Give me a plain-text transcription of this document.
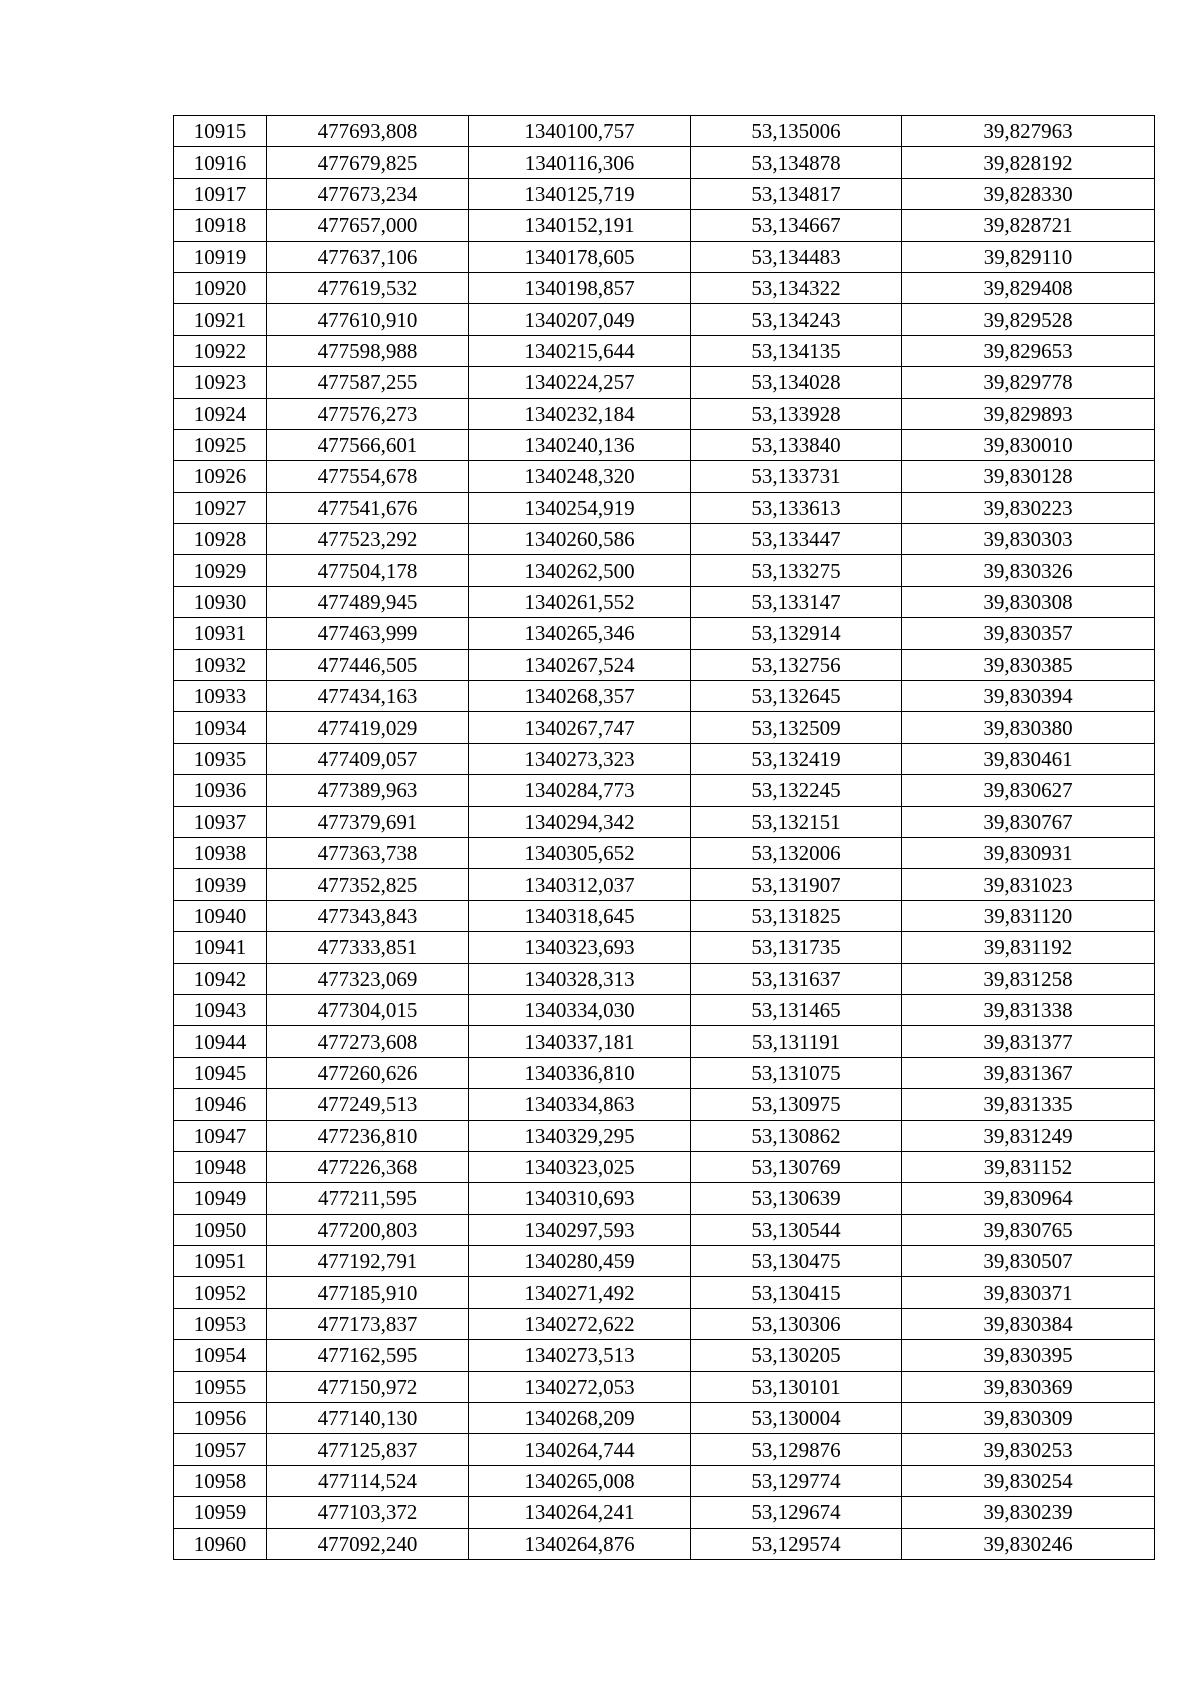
10915	477693,808	1340100,757	53,135006	39,827963
10916	477679,825	1340116,306	53,134878	39,828192
10917	477673,234	1340125,719	53,134817	39,828330
10918	477657,000	1340152,191	53,134667	39,828721
10919	477637,106	1340178,605	53,134483	39,829110
10920	477619,532	1340198,857	53,134322	39,829408
10921	477610,910	1340207,049	53,134243	39,829528
10922	477598,988	1340215,644	53,134135	39,829653
10923	477587,255	1340224,257	53,134028	39,829778
10924	477576,273	1340232,184	53,133928	39,829893
10925	477566,601	1340240,136	53,133840	39,830010
10926	477554,678	1340248,320	53,133731	39,830128
10927	477541,676	1340254,919	53,133613	39,830223
10928	477523,292	1340260,586	53,133447	39,830303
10929	477504,178	1340262,500	53,133275	39,830326
10930	477489,945	1340261,552	53,133147	39,830308
10931	477463,999	1340265,346	53,132914	39,830357
10932	477446,505	1340267,524	53,132756	39,830385
10933	477434,163	1340268,357	53,132645	39,830394
10934	477419,029	1340267,747	53,132509	39,830380
10935	477409,057	1340273,323	53,132419	39,830461
10936	477389,963	1340284,773	53,132245	39,830627
10937	477379,691	1340294,342	53,132151	39,830767
10938	477363,738	1340305,652	53,132006	39,830931
10939	477352,825	1340312,037	53,131907	39,831023
10940	477343,843	1340318,645	53,131825	39,831120
10941	477333,851	1340323,693	53,131735	39,831192
10942	477323,069	1340328,313	53,131637	39,831258
10943	477304,015	1340334,030	53,131465	39,831338
10944	477273,608	1340337,181	53,131191	39,831377
10945	477260,626	1340336,810	53,131075	39,831367
10946	477249,513	1340334,863	53,130975	39,831335
10947	477236,810	1340329,295	53,130862	39,831249
10948	477226,368	1340323,025	53,130769	39,831152
10949	477211,595	1340310,693	53,130639	39,830964
10950	477200,803	1340297,593	53,130544	39,830765
10951	477192,791	1340280,459	53,130475	39,830507
10952	477185,910	1340271,492	53,130415	39,830371
10953	477173,837	1340272,622	53,130306	39,830384
10954	477162,595	1340273,513	53,130205	39,830395
10955	477150,972	1340272,053	53,130101	39,830369
10956	477140,130	1340268,209	53,130004	39,830309
10957	477125,837	1340264,744	53,129876	39,830253
10958	477114,524	1340265,008	53,129774	39,830254
10959	477103,372	1340264,241	53,129674	39,830239
10960	477092,240	1340264,876	53,129574	39,830246
